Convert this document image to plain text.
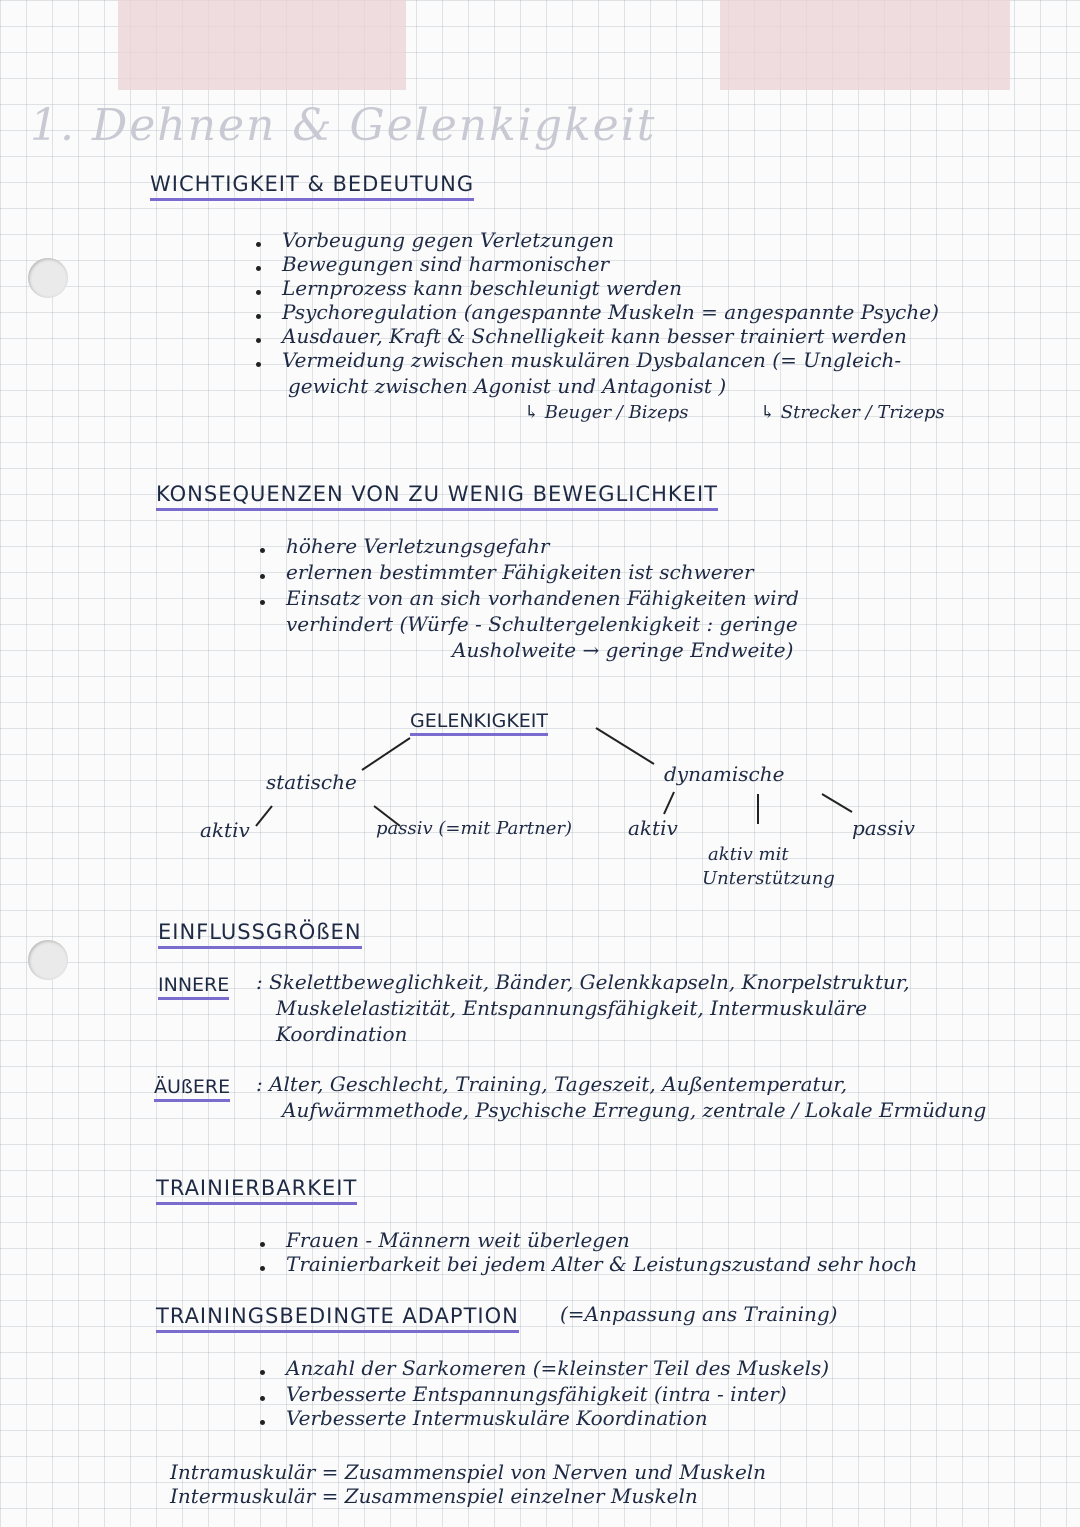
1. Dehnen & Gelenkigkeit
WICHTIGKEIT & BEDEUTUNG
Vorbeugung gegen Verletzungen
Bewegungen sind harmonischer
Lernprozess kann beschleunigt werden
Psychoregulation (angespannte Muskeln = angespannte Psyche)
Ausdauer, Kraft & Schnelligkeit kann besser trainiert werden
Vermeidung zwischen muskulären Dysbalancen (= Ungleich-
gewicht zwischen Agonist und Antagonist )
↳ Beuger / Bizeps	↳ Strecker / Trizeps
KONSEQUENZEN VON ZU WENIG BEWEGLICHKEIT
höhere Verletzungsgefahr
erlernen bestimmter Fähigkeiten ist schwerer
Einsatz von an sich vorhandenen Fähigkeiten wird
verhindert (Würfe - Schultergelenkigkeit : geringe
Ausholweite → geringe Endweite)
GELENKIGKEIT
statische	dynamische
aktiv	passiv (=mit Partner)	aktiv
aktiv mit
Unterstützung
passiv
EINFLUSSGRÖßEN
INNERE : Skelettbeweglichkeit, Bänder, Gelenkkapseln, Knorpelstruktur,
Muskelelastizität, Entspannungsfähigkeit, Intermuskuläre
Koordination
ÄUßERE : Alter, Geschlecht, Training, Tageszeit, Außentemperatur,
Aufwärmmethode, Psychische Erregung, zentrale / Lokale Ermüdung
TRAINIERBARKEIT
Frauen - Männern weit überlegen
Trainierbarkeit bei jedem Alter & Leistungszustand sehr hoch
TRAININGSBEDINGTE ADAPTION (=Anpassung ans Training)
Anzahl der Sarkomeren (=kleinster Teil des Muskels)
Verbesserte Entspannungsfähigkeit (intra - inter)
Verbesserte Intermuskuläre Koordination
Intramuskulär = Zusammenspiel von Nerven und Muskeln
Intermuskulär = Zusammenspiel einzelner Muskeln
